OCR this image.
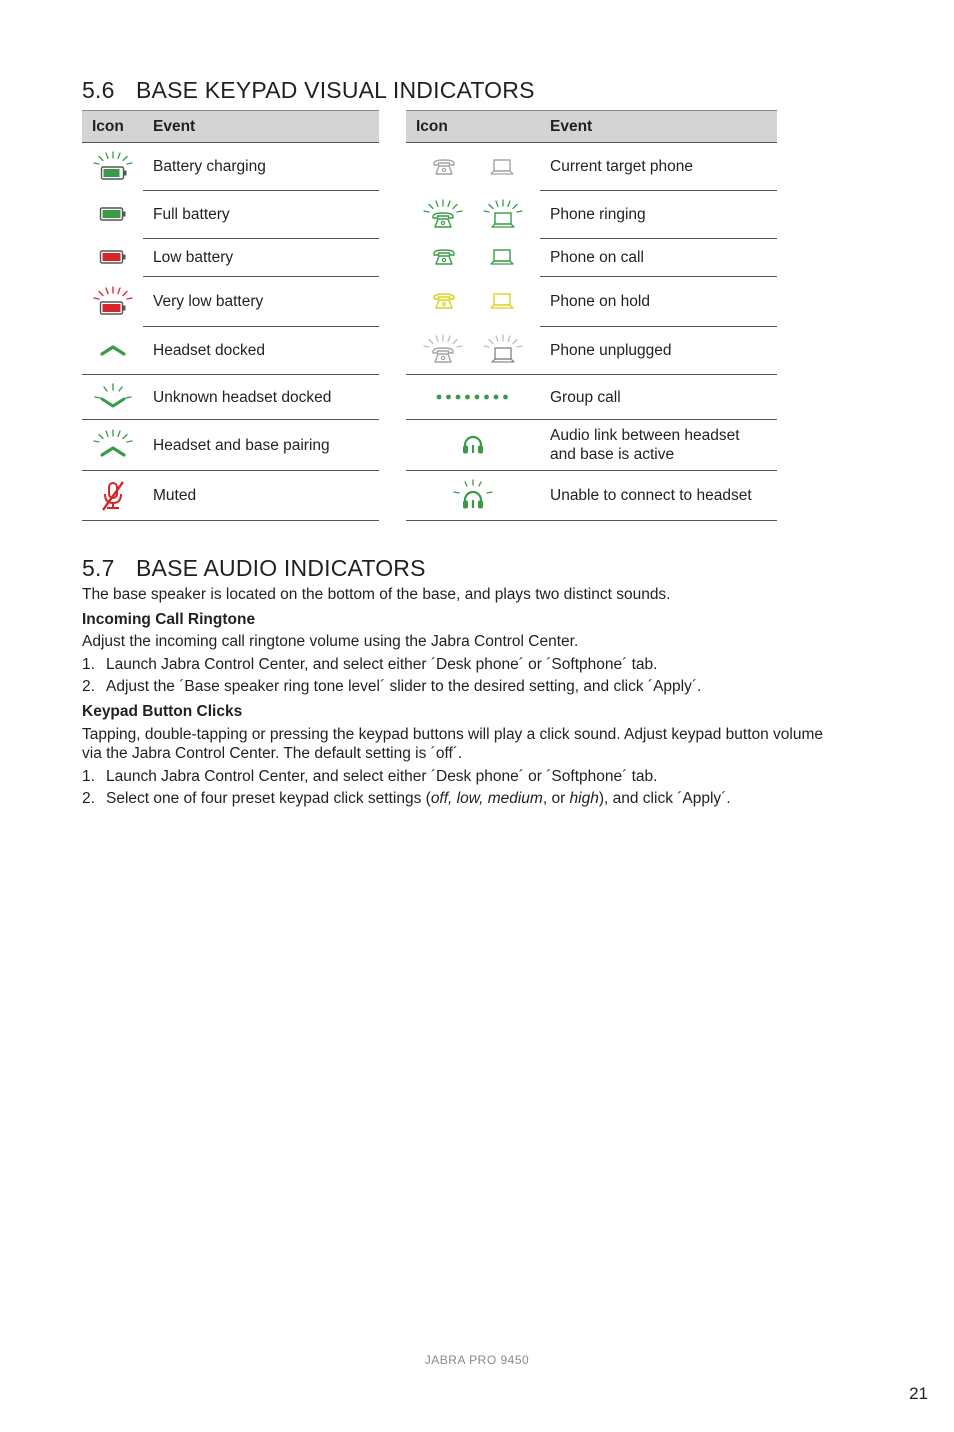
5.6 BASE KEYPAD VISUAL INDICATORS
Icon	Event
	Battery charging
	Full battery
	Low battery
	Very low battery
	Headset docked
	Unknown headset docked
	Headset and base pairing
	Muted
Icon	Event
	Current target phone
	Phone ringing
	Phone on call
	Phone on hold
	Phone unplugged
	Group call
	Audio link between headset
and base is active
	Unable to connect to headset
5.7 BASE AUDIO INDICATORS

The base speaker is located on the bottom of the base, and plays two distinct sounds.

Incoming Call Ringtone

Adjust the incoming call ringtone volume using the Jabra Control Center.

1. Launch Jabra Control Center, and select either ´Desk phone´ or ´Softphone´ tab.

2. Adjust the ´Base speaker ring tone level´ slider to the desired setting, and click ´Apply´.

Keypad Button Clicks

Tapping, double-tapping or pressing the keypad buttons will play a click sound. Adjust keypad button volume
via the Jabra Control Center. The default setting is ´off´.

1. Launch Jabra Control Center, and select either ´Desk phone´ or ´Softphone´ tab.

2. Select one of four preset keypad click settings (off, low, medium, or high), and click ´Apply´.

JABRA PRO 9450
21
